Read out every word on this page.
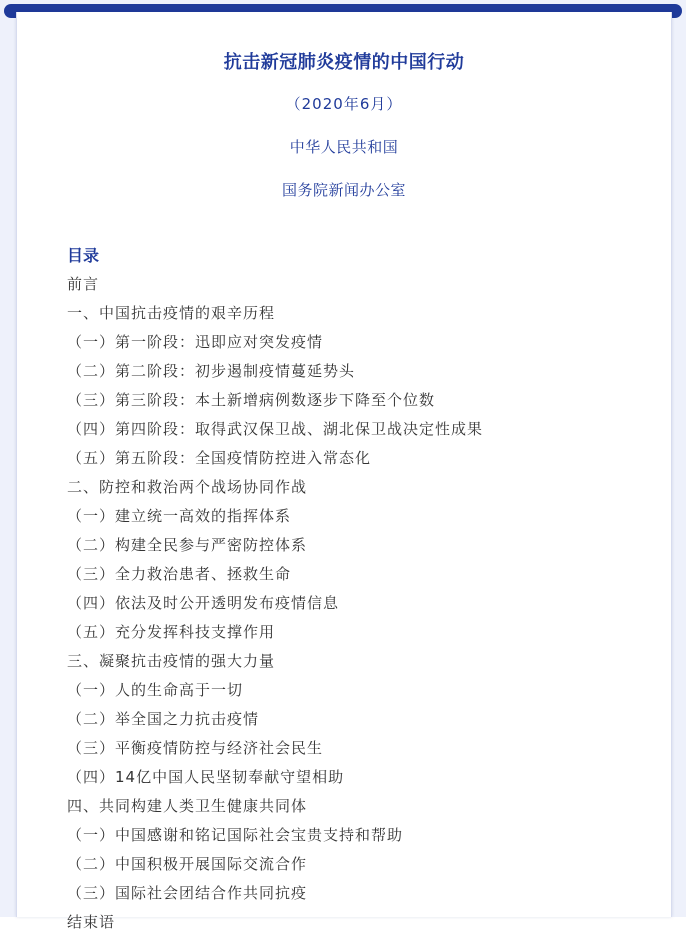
抗击新冠肺炎疫情的中国行动
（2020年6月）
中华人民共和国
国务院新闻办公室
目录
前言
一、中国抗击疫情的艰辛历程
（一）第一阶段：迅即应对突发疫情
（二）第二阶段：初步遏制疫情蔓延势头
（三）第三阶段：本土新增病例数逐步下降至个位数
（四）第四阶段：取得武汉保卫战、湖北保卫战决定性成果
（五）第五阶段：全国疫情防控进入常态化
二、防控和救治两个战场协同作战
（一）建立统一高效的指挥体系
（二）构建全民参与严密防控体系
（三）全力救治患者、拯救生命
（四）依法及时公开透明发布疫情信息
（五）充分发挥科技支撑作用
三、凝聚抗击疫情的强大力量
（一）人的生命高于一切
（二）举全国之力抗击疫情
（三）平衡疫情防控与经济社会民生
（四）14亿中国人民坚韧奉献守望相助
四、共同构建人类卫生健康共同体
（一）中国感谢和铭记国际社会宝贵支持和帮助
（二）中国积极开展国际交流合作
（三）国际社会团结合作共同抗疫
结束语
